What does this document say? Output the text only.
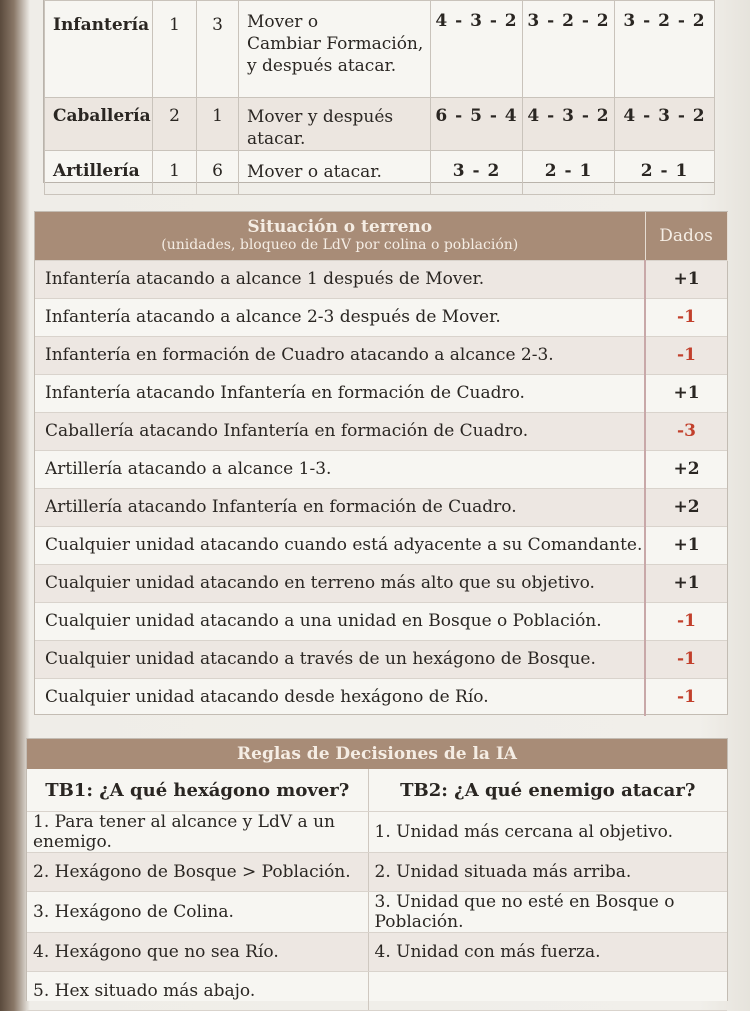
Infantería	1	3	Mover o
Cambiar Formación,
y después atacar.	4 - 3 - 2	3 - 2 - 2	3 - 2 - 2
Caballería	2	1	Mover y después atacar.	6 - 5 - 4	4 - 3 - 2	4 - 3 - 2
Artillería	1	6	Mover o atacar.	3 - 2	2 - 1	2 - 1
Situación o terreno
(unidades, bloqueo de LdV por colina o población)	Dados
Infantería atacando a alcance 1 después de Mover.	+1
Infantería atacando a alcance 2-3 después de Mover.	-1
Infantería en formación de Cuadro atacando a alcance 2-3.	-1
Infantería atacando Infantería en formación de Cuadro.	+1
Caballería atacando Infantería en formación de Cuadro.	-3
Artillería atacando a alcance 1-3.	+2
Artillería atacando Infantería en formación de Cuadro.	+2
Cualquier unidad atacando cuando está adyacente a su Comandante.	+1
Cualquier unidad atacando en terreno más alto que su objetivo.	+1
Cualquier unidad atacando a una unidad en Bosque o Población.	-1
Cualquier unidad atacando a través de un hexágono de Bosque.	-1
Cualquier unidad atacando desde hexágono de Río.	-1
Reglas de Decisiones de la IA	
TB1: ¿A qué hexágono mover?	TB2: ¿A qué enemigo atacar?
1. Para tener al alcance y LdV a un enemigo.	1. Unidad más cercana al objetivo.
2. Hexágono de Bosque > Población.	2. Unidad situada más arriba.
3. Hexágono de Colina.	3. Unidad que no esté en Bosque o Población.
4. Hexágono que no sea Río.	4. Unidad con más fuerza.
5. Hex situado más abajo.	
